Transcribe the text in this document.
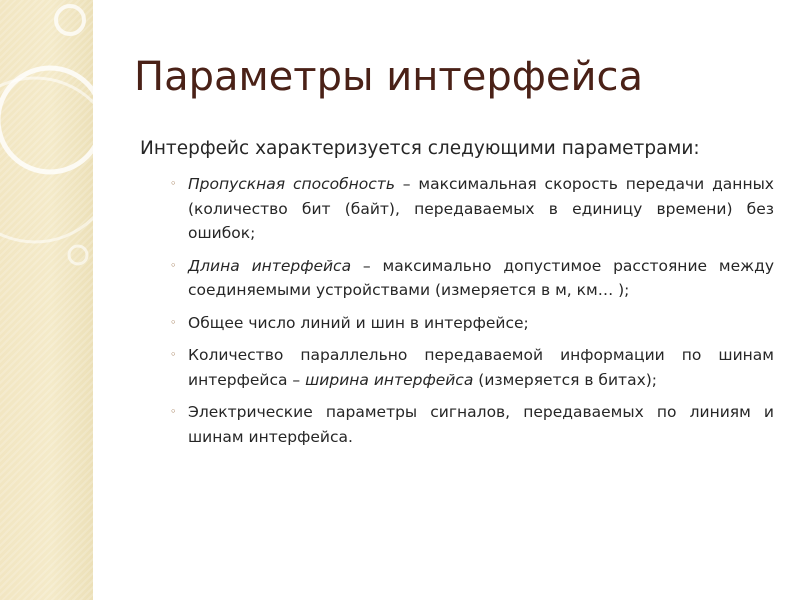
Параметры интерфейса

Интерфейс характеризуется следующими параметрами:

◦ Пропускная способность – максимальная скорость передачи данных (количество бит (байт), передаваемых в единицу времени) без ошибок;
◦ Длина интерфейса – максимально допустимое расстояние между соединяемыми устройствами (измеряется в м, км… );
◦ Общее число линий и шин в интерфейсе;
◦ Количество параллельно передаваемой информации по шинам интерфейса – ширина интерфейса (измеряется в битах);
◦ Электрические параметры сигналов, передаваемых по линиям и шинам интерфейса.
